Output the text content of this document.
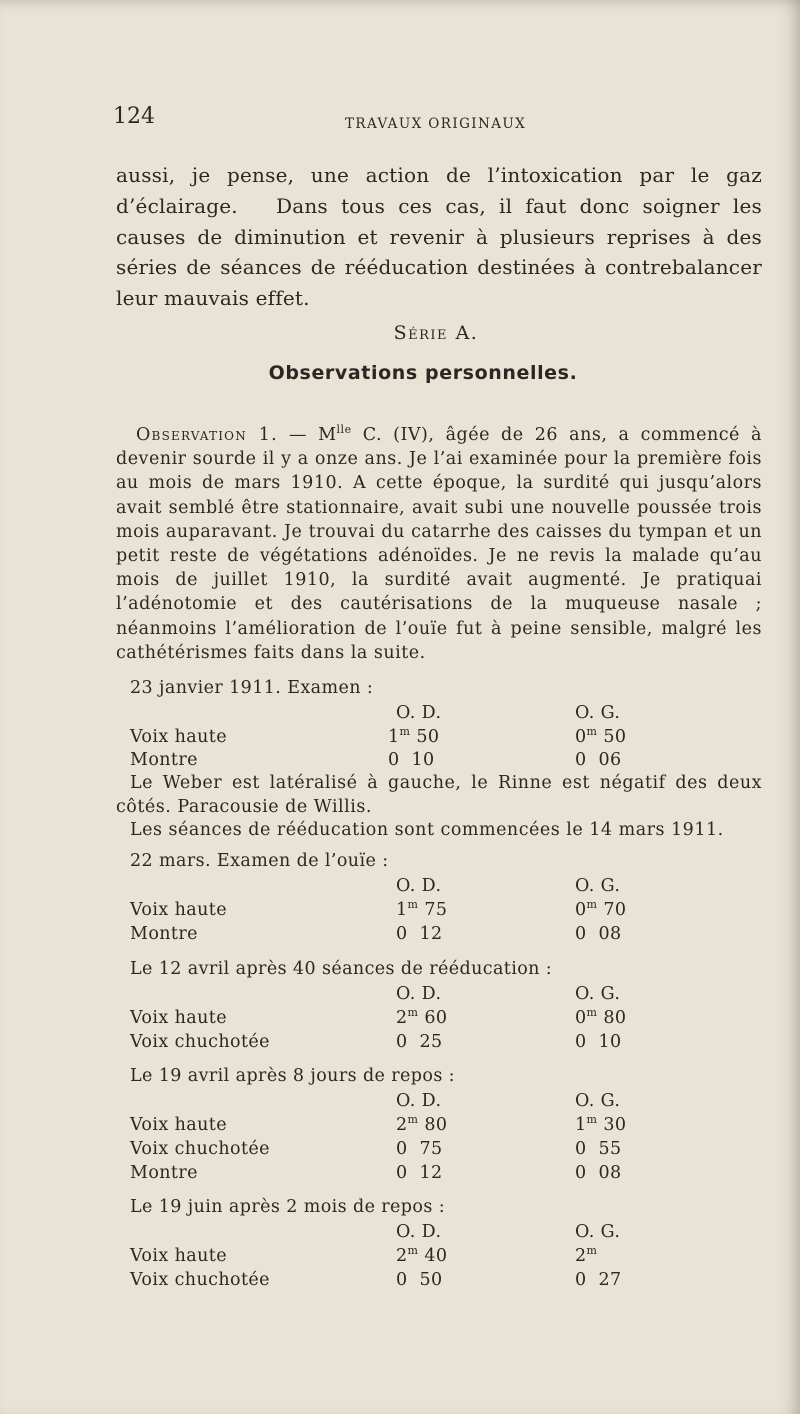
124	TRAVAUX ORIGINAUX

aussi, je pense, une action de l’intoxication par le gaz d’éclairage. Dans tous ces cas, il faut donc soigner les causes de diminution et revenir à plusieurs reprises à des séries de séances de rééducation destinées à contrebalancer leur mauvais effet.

Série A.
Observations personnelles.

Observation 1. — $M^{lle}$ C. (IV), âgée de 26 ans, a commencé à devenir sourde il y a onze ans. Je l’ai examinée pour la première fois au mois de mars 1910. A cette époque, la surdité qui jusqu’alors avait semblé être stationnaire, avait subi une nouvelle poussée trois mois auparavant. Je trouvai du catarrhe des caisses du tympan et un petit reste de végétations adénoïdes. Je ne revis la malade qu’au mois de juillet 1910, la surdité avait augmenté. Je pratiquai l’adénotomie et des cautérisations de la muqueuse nasale ; néanmoins l’amélioration de l’ouïe fut à peine sensible, malgré les cathétérismes faits dans la suite.

23 janvier 1911. Examen :
O. D.	O. G.
Voix haute	1$^m$ 50	0$^m$ 50
Montre	0  10	0  06
Le Weber est latéralisé à gauche, le Rinne est négatif des deux côtés. Paracousie de Willis.
Les séances de rééducation sont commencées le 14 mars 1911.
22 mars. Examen de l’ouïe :
O. D.	O. G.
Voix haute	1$^m$ 75	0$^m$ 70
Montre	0  12	0  08
Le 12 avril après 40 séances de rééducation :
O. D.	O. G.
Voix haute	2$^m$ 60	0$^m$ 80
Voix chuchotée	0  25	0  10
Le 19 avril après 8 jours de repos :
O. D.	O. G.
Voix haute	2$^m$ 80	1$^m$ 30
Voix chuchotée	0  75	0  55
Montre	0  12	0  08
Le 19 juin après 2 mois de repos :
O. D.	O. G.
Voix haute	2$^m$ 40	2$^m$
Voix chuchotée	0  50	0  27
